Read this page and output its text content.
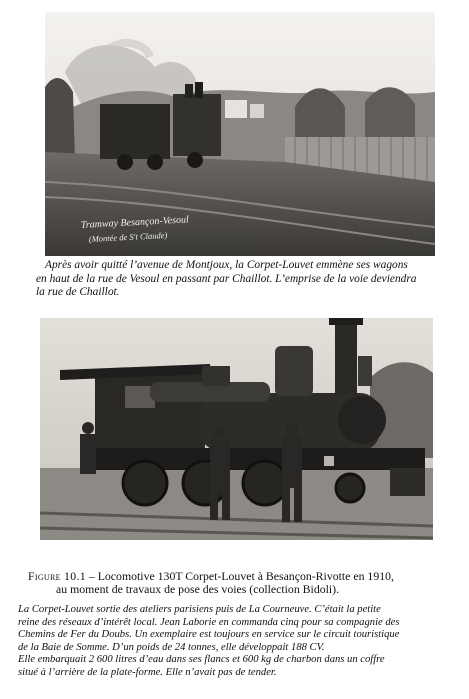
Tramway Besançon-Vesoul
(Montée de S't Claude)
Après avoir quitté l’avenue de Montjoux, la Corpet-Louvet emmène ses wagons
en haut de la rue de Vesoul en passant par Chaillot. L’emprise de la voie deviendra
la rue de Chaillot.
Figure 10.1 – Locomotive 130T Corpet-Louvet à Besançon-Rivotte en 1910,
au moment de travaux de pose des voies (collection Bidoli).
La Corpet-Louvet sortie des ateliers parisiens puis de La Courneuve. C’était la petite
reine des réseaux d’intérêt local. Jean Laborie en commanda cinq pour sa compagnie des
Chemins de Fer du Doubs. Un exemplaire est toujours en service sur le circuit touristique
de la Baie de Somme. D’un poids de 24 tonnes, elle développait 188 CV.
Elle embarquait 2 600 litres d’eau dans ses flancs et 600 kg de charbon dans un coffre
situé à l’arrière de la plate-forme. Elle n’avait pas de tender.
